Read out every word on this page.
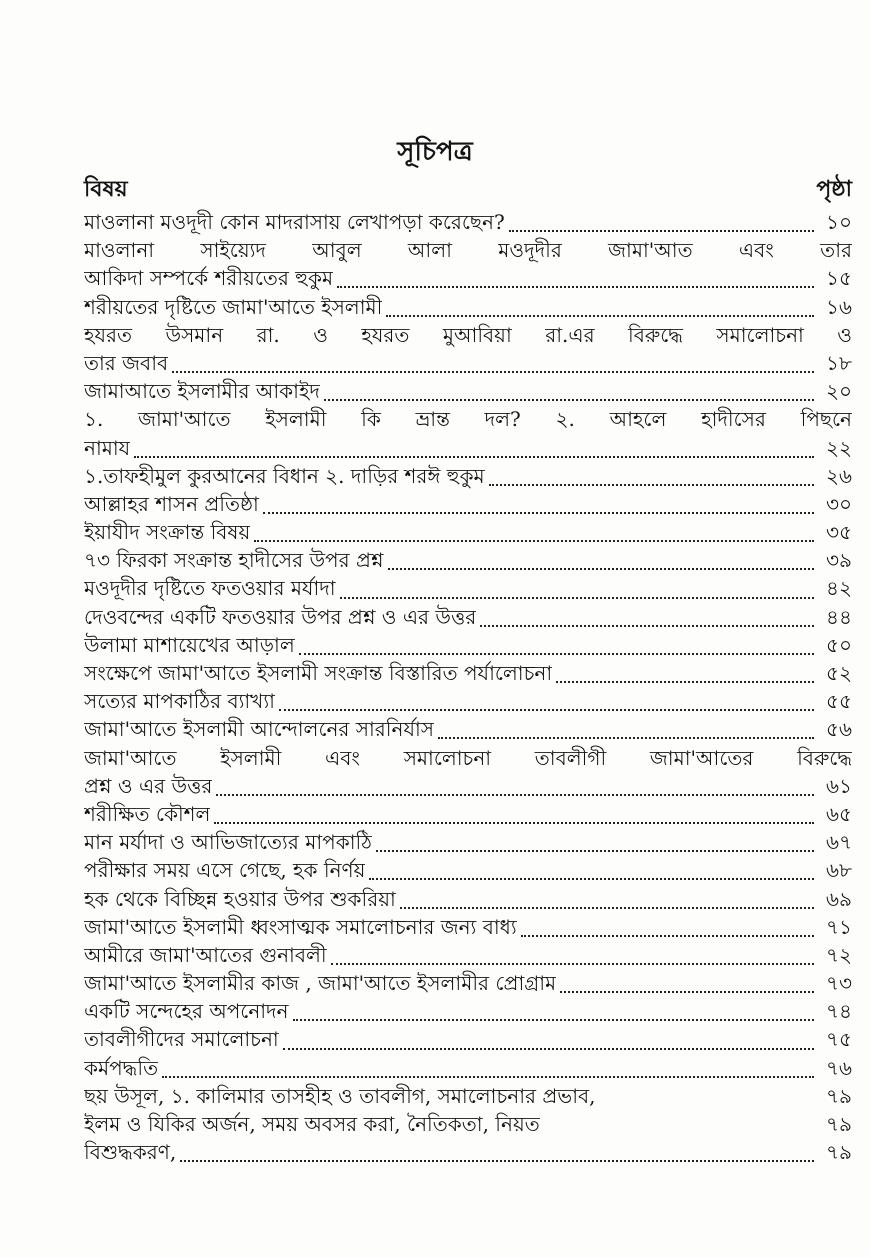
সূচিপত্র
বিষয়	পৃষ্ঠা
মাওলানা মওদূদী কোন মাদরাসায় লেখাপড়া করেছেন?	১০
মাওলানা সাইয়্যেদ আবুল আলা মওদূদীর জামা'আত এবং তার
আকিদা সম্পর্কে শরীয়তের হুকুম	১৫
শরীয়তের দৃষ্টিতে জামা'আতে ইসলামী	১৬
হযরত উসমান রা. ও হযরত মুআবিয়া রা.এর বিরুদ্ধে সমালোচনা ও
তার জবাব	১৮
জামাআতে ইসলামীর আকাইদ	২০
১. জামা'আতে ইসলামী কি ভ্রান্ত দল? ২. আহলে হাদীসের পিছনে
নামায	২২
১.তাফহীমুল কুরআনের বিধান ২. দাড়ির শরঈ হুকুম	২৬
আল্লাহর শাসন প্রতিষ্ঠা	৩০
ইয়াযীদ সংক্রান্ত বিষয়	৩৫
৭৩ ফিরকা সংক্রান্ত হাদীসের উপর প্রশ্ন	৩৯
মওদূদীর দৃষ্টিতে ফতওয়ার মর্যাদা	৪২
দেওবন্দের একটি ফতওয়ার উপর প্রশ্ন ও এর উত্তর	৪৪
উলামা মাশায়েখের আড়াল	৫০
সংক্ষেপে জামা'আতে ইসলামী সংক্রান্ত বিস্তারিত পর্যালোচনা	৫২
সত্যের মাপকাঠির ব্যাখ্যা	৫৫
জামা'আতে ইসলামী আন্দোলনের সারনির্যাস	৫৬
জামা'আতে ইসলামী এবং সমালোচনা তাবলীগী জামা'আতের বিরুদ্ধে
প্রশ্ন ও এর উত্তর	৬১
শরীক্ষিত কৌশল	৬৫
মান মর্যাদা ও আভিজাত্যের মাপকাঠি	৬৭
পরীক্ষার সময় এসে গেছে, হক নির্ণয়	৬৮
হক থেকে বিচ্ছিন্ন হওয়ার উপর শুকরিয়া	৬৯
জামা'আতে ইসলামী ধ্বংসাত্মক সমালোচনার জন্য বাধ্য	৭১
আমীরে জামা'আতের গুনাবলী	৭২
জামা'আতে ইসলামীর কাজ , জামা'আতে ইসলামীর প্রোগ্রাম	৭৩
একটি সন্দেহের অপনোদন	৭৪
তাবলীগীদের সমালোচনা	৭৫
কর্মপদ্ধতি	৭৬
ছয় উসূল, ১. কালিমার তাসহীহ ও তাবলীগ, সমালোচনার প্রভাব,	৭৯
ইলম ও যিকির অর্জন, সময় অবসর করা, নৈতিকতা, নিয়ত	৭৯
বিশুদ্ধকরণ,	৭৯
